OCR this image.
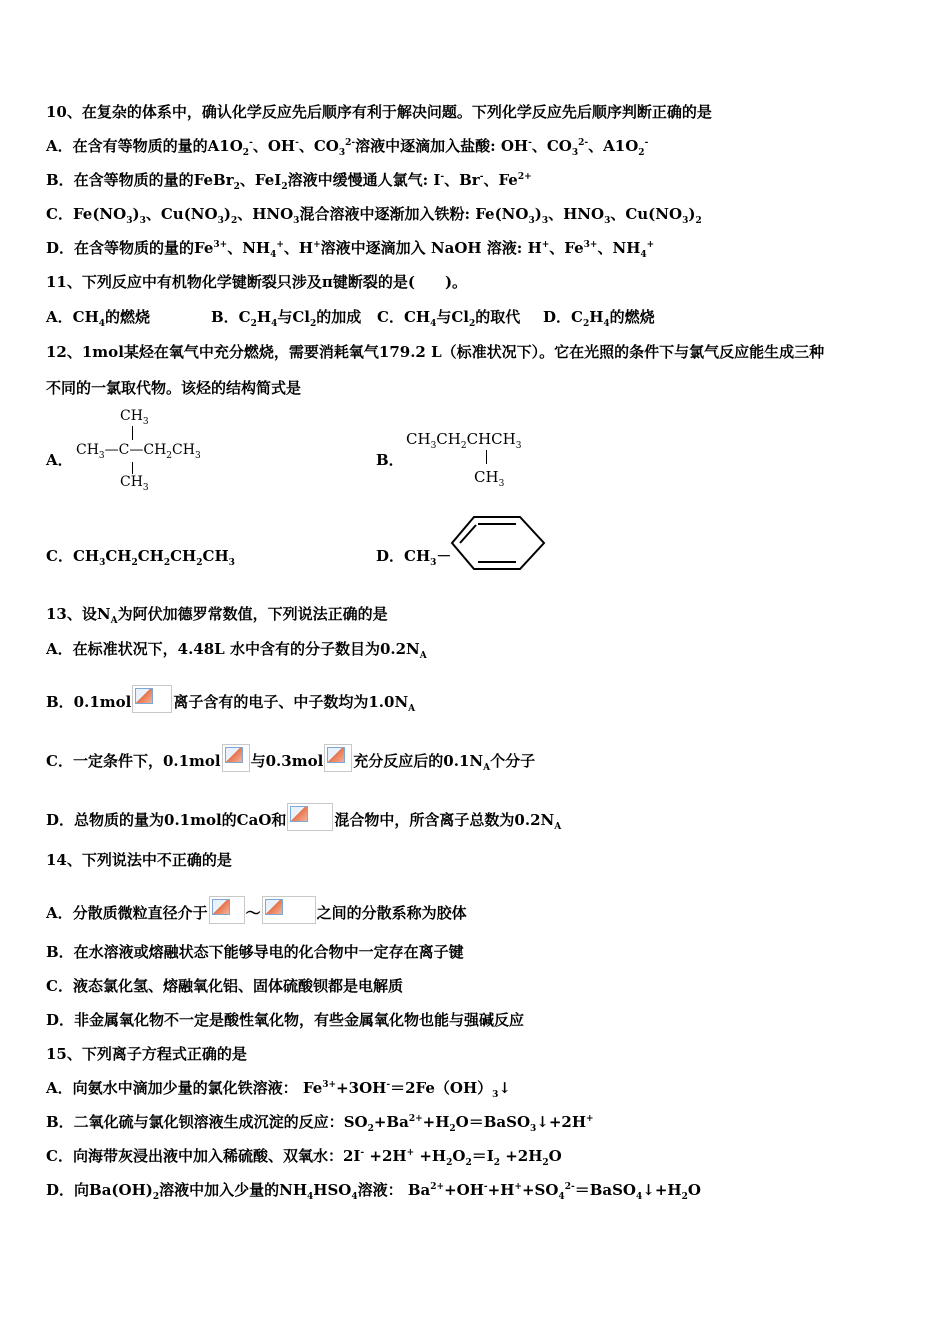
10、在复杂的体系中，确认化学反应先后顺序有利于解决问题。下列化学反应先后顺序判断正确的是
A．在含有等物质的量的$A1O_2^-$、OH-、$CO_3^{2-}$溶液中逐滴加入盐酸: OH-、$CO_3^{2-}$、$A1O_2^-$
B．在含等物质的量的FeBr$_2$、FeI$_2$溶液中缓慢通人氯气: I-、Br-、$Fe^{2+}$
C．$Fe(NO_3)_3$、$Cu(NO_3)_2$、$HNO_3$混合溶液中逐渐加入铁粉: $Fe(NO_3)_3$、$HNO_3$、$Cu(NO_3)_2$
D．在含等物质的量的$Fe^{3+}$、$NH_4^+$、H+溶液中逐滴加入 NaOH 溶液: H+、$Fe^{3+}$、$NH_4^+$
11、下列反应中有机物化学键断裂只涉及π键断裂的是(　　)。
A．$CH_4$的燃烧	B．$C_2H_4$与$Cl_2$的加成 C．$CH_4$与$Cl_2$的取代 D．$C_2H_4$的燃烧
12、1mol某烃在氧气中充分燃烧，需要消耗氧气179.2 L（标准状况下）。它在光照的条件下与氯气反应能生成三种
不同的一氯取代物。该烃的结构简式是
A．
$CH_3$
$CH_3—C—CH_2CH_3$
$CH_3$
B．
$CH_3CH_2CHCH_3$
$CH_3$
C．$CH_3CH_2CH_2CH_2CH_3$	D．$CH_3-$
13、设$N_A$为阿伏加德罗常数值，下列说法正确的是
A．在标准状况下，4.48L 水中含有的分子数目为$0.2N_A$
B．0.1mol	离子含有的电子、中子数均为$1.0N_A$
C．一定条件下，0.1mol 与0.3mol 充分反应后的$0.1N_A$个分子
D．总物质的量为0.1mol的CaO和	混合物中，所含离子总数为$0.2N_A$
14、下列说法中不正确的是
A．分散质微粒直径介于	～	之间的分散系称为胶体
B．在水溶液或熔融状态下能够导电的化合物中一定存在离子键
C．液态氯化氢、熔融氧化铝、固体硫酸钡都是电解质
D．非金属氧化物不一定是酸性氧化物，有些金属氧化物也能与强碱反应
15、下列离子方程式正确的是
A．向氨水中滴加少量的氯化铁溶液： $Fe^{3+}+3OH^-=2Fe(OH)_3↓$
B．二氧化硫与氯化钡溶液生成沉淀的反应：$SO_2+Ba^{2+}+H_2O=BaSO_3↓+2H^+$
C．向海带灰浸出液中加入稀硫酸、双氧水：$2I^- +2H^+ +H_2O_2=I_2 +2H_2O$
D．向$Ba(OH)_2$溶液中加入少量的$NH_4HSO_4$溶液： $Ba^{2+}+OH^-+H^++SO_4^{2-}=BaSO_4↓+H_2O$
